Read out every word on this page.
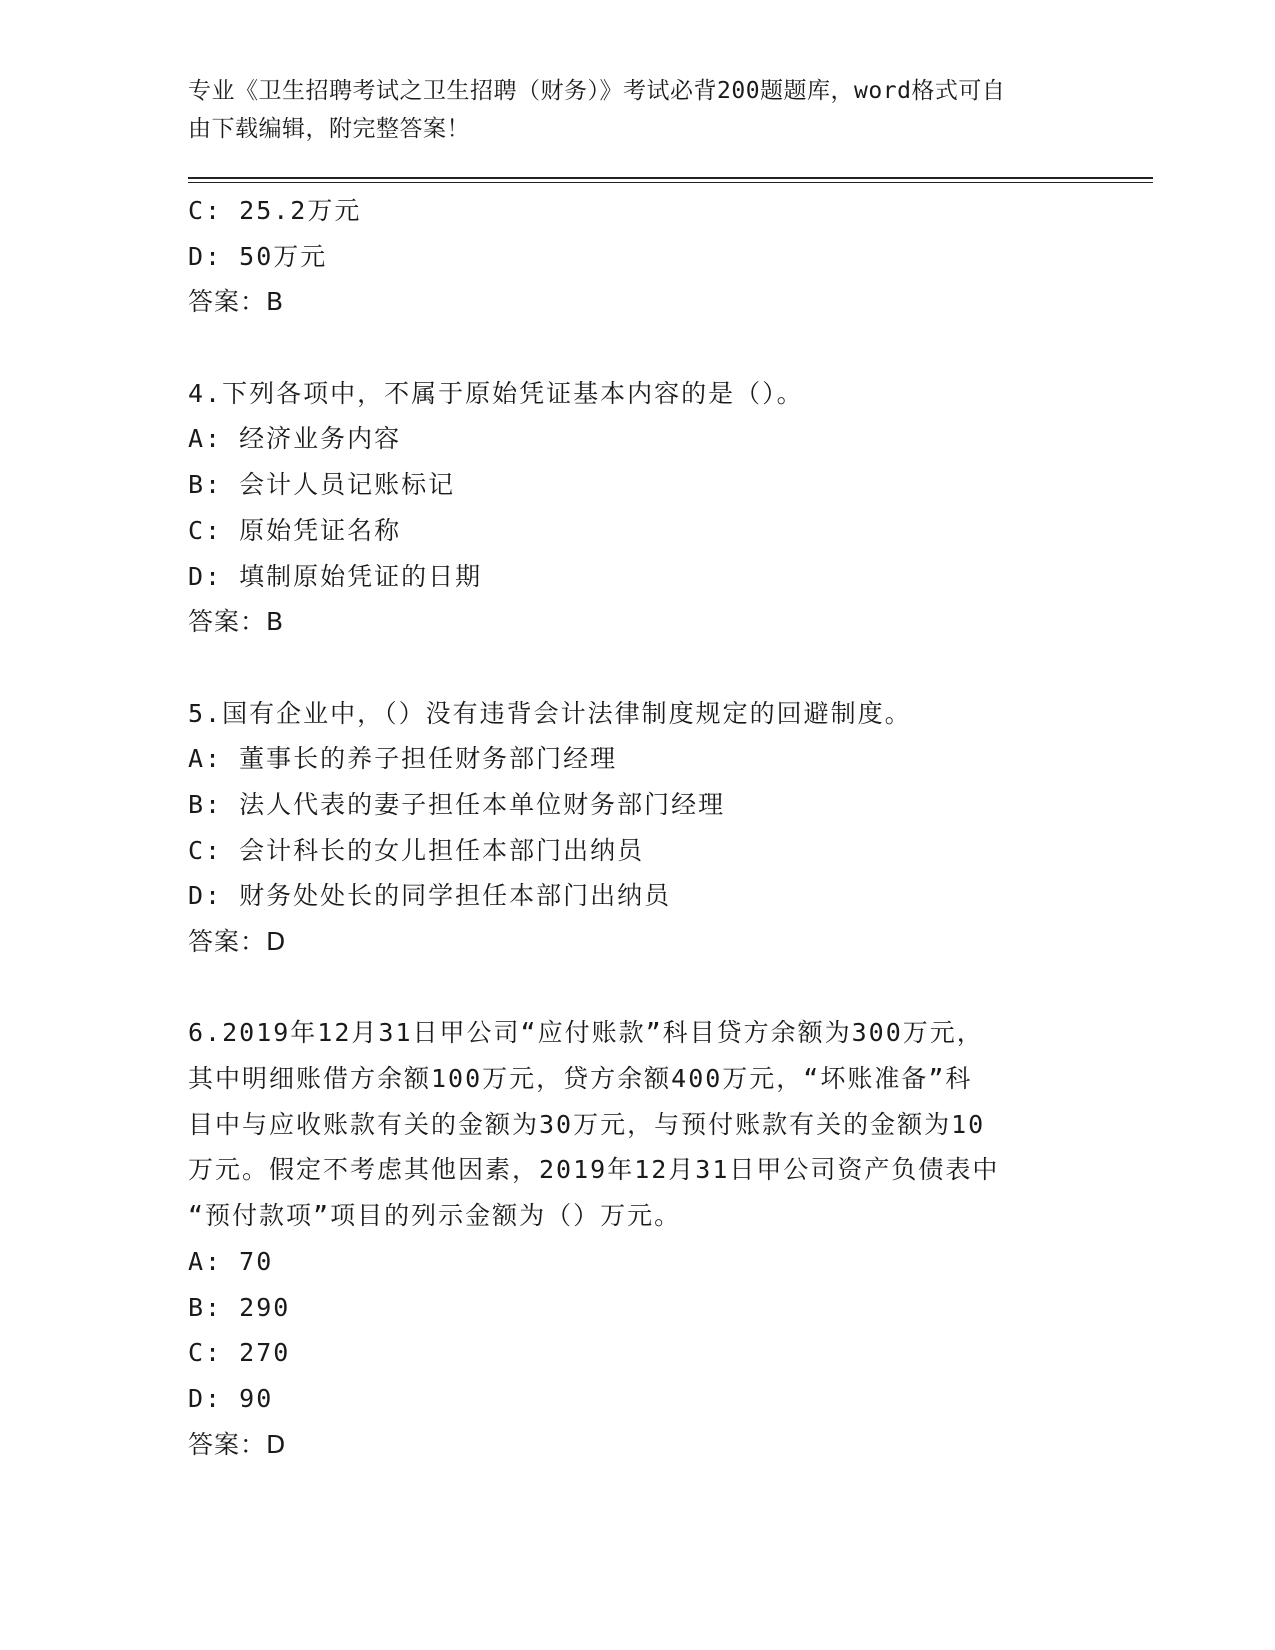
专业《卫生招聘考试之卫生招聘（财务）》考试必背200题题库，word格式可自
由下载编辑，附完整答案！
C: 25.2万元
D: 50万元
答案：B
4.下列各项中，不属于原始凭证基本内容的是（）。
A: 经济业务内容
B: 会计人员记账标记
C: 原始凭证名称
D: 填制原始凭证的日期
答案：B
5.国有企业中，（）没有违背会计法律制度规定的回避制度。
A: 董事长的养子担任财务部门经理
B: 法人代表的妻子担任本单位财务部门经理
C: 会计科长的女儿担任本部门出纳员
D: 财务处处长的同学担任本部门出纳员
答案：D
6.2019年12月31日甲公司“应付账款”科目贷方余额为300万元，
其中明细账借方余额100万元，贷方余额400万元，“坏账准备”科
目中与应收账款有关的金额为30万元，与预付账款有关的金额为10
万元。假定不考虑其他因素，2019年12月31日甲公司资产负债表中
“预付款项”项目的列示金额为（）万元。
A: 70
B: 290
C: 270
D: 90
答案：D
